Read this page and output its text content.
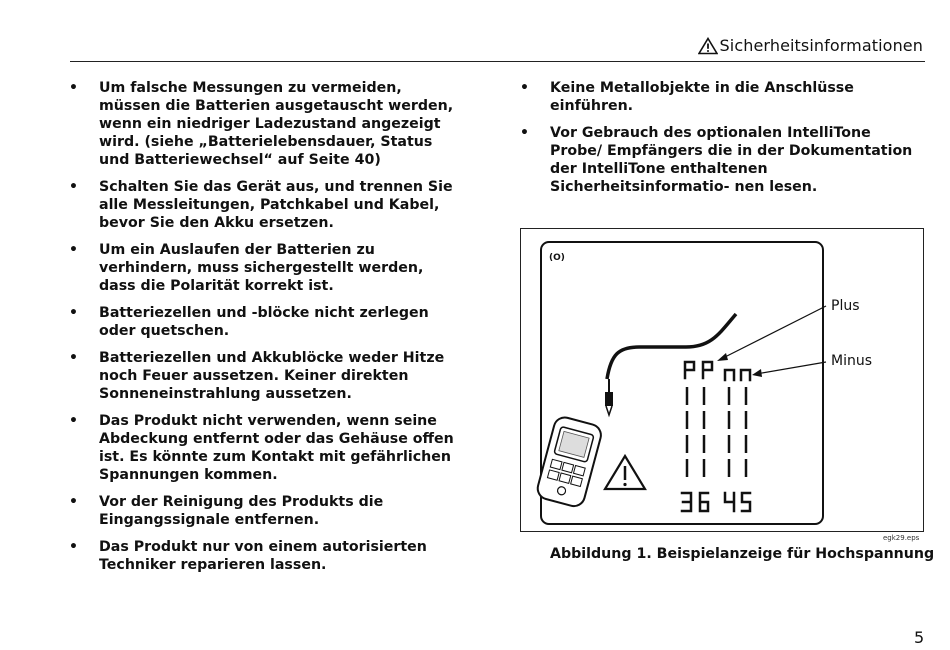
Sicherheitsinformationen
• Um falsche Messungen zu vermeiden, müssen die Batterien ausgetauscht werden, wenn ein niedriger Ladezustand angezeigt wird. (siehe „Batterielebensdauer, Status und Batteriewechsel“ auf Seite 40)
• Schalten Sie das Gerät aus, und trennen Sie alle Messleitungen, Patchkabel und Kabel, bevor Sie den Akku ersetzen.
• Um ein Auslaufen der Batterien zu verhindern, muss sichergestellt werden, dass die Polarität korrekt ist.
• Batteriezellen und -blöcke nicht zerlegen oder quetschen.
• Batteriezellen und Akkublöcke weder Hitze noch Feuer aussetzen. Keiner direkten Sonneneinstrahlung aussetzen.
• Das Produkt nicht verwenden, wenn seine Abdeckung entfernt oder das Gehäuse offen ist. Es könnte zum Kontakt mit gefährlichen Spannungen kommen.
• Vor der Reinigung des Produkts die Eingangssignale entfernen.
• Das Produkt nur von einem autorisierten Techniker reparieren lassen.
• Keine Metallobjekte in die Anschlüsse einführen.
• Vor Gebrauch des optionalen IntelliTone Probe/ Empfängers die in der Dokumentation der IntelliTone enthaltenen Sicherheitsinformatio- nen lesen.
(O)
Plus
Minus
egk29.eps
Abbildung 1. Beispielanzeige für Hochspannung
5
